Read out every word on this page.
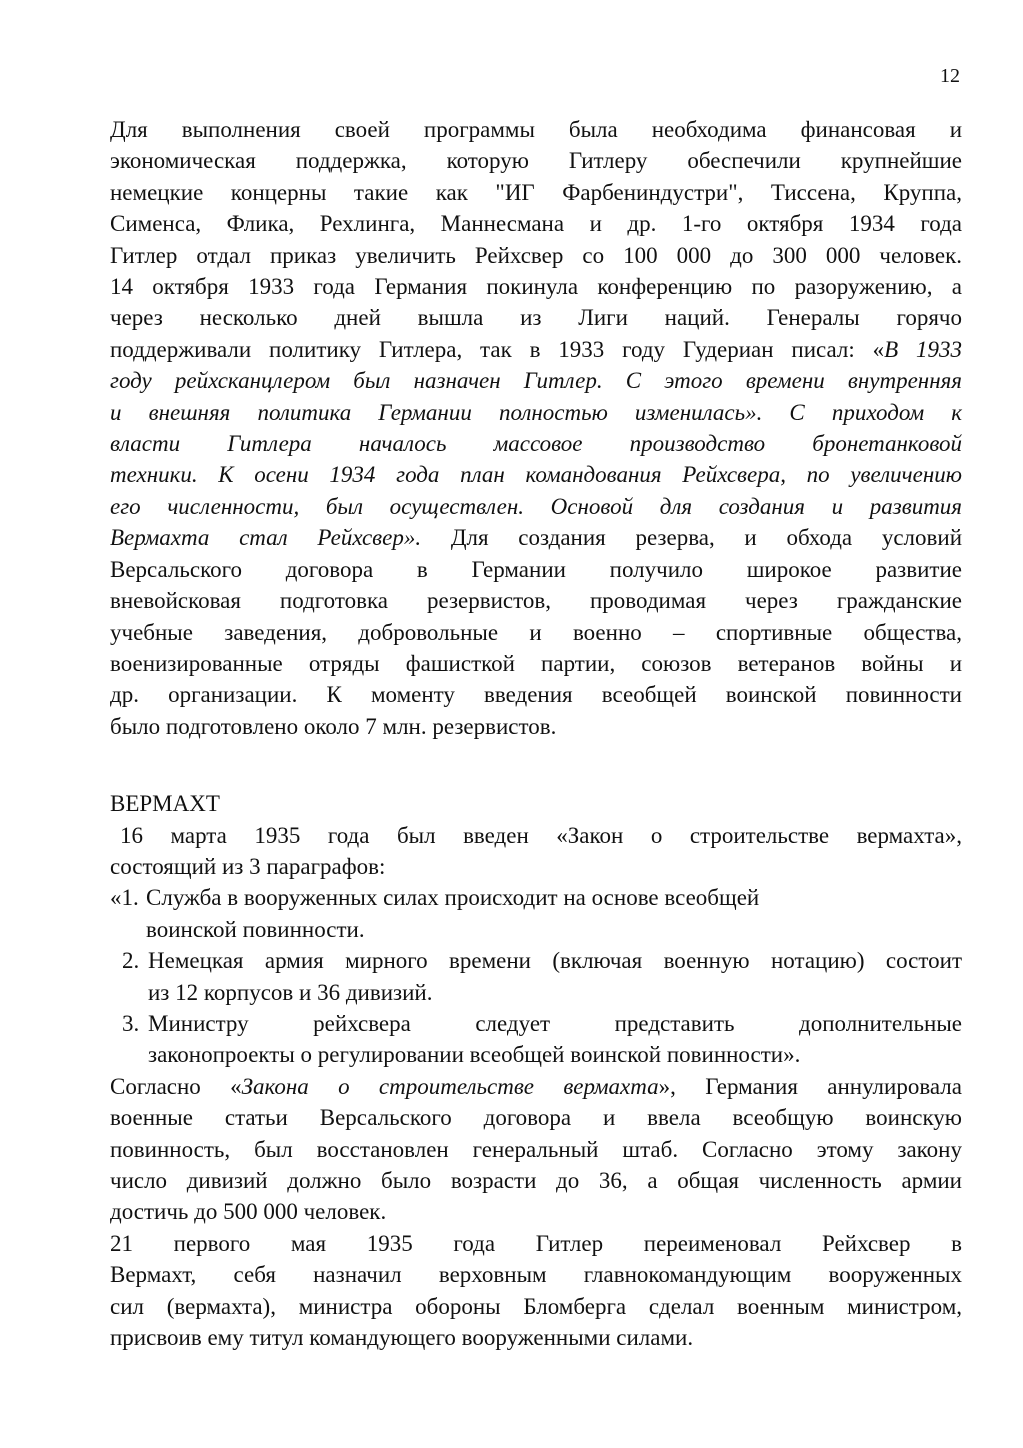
12

Для выполнения своей программы была необходима финансовая и
экономическая поддержка, которую Гитлеру обеспечили крупнейшие
немецкие концерны такие как "ИГ Фарбениндустри", Тиссена, Круппа,
Сименса, Флика, Рехлинга, Маннесмана и др. 1-го октября 1934 года
Гитлер отдал приказ увеличить Рейхсвер со 100 000 до 300 000 человек.
14 октября 1933 года Германия покинула конференцию по разоружению, а
через несколько дней вышла из Лиги наций. Генералы горячо
поддерживали политику Гитлера, так в 1933 году Гудериан писал: «В 1933
году рейхсканцлером был назначен Гитлер. С этого времени внутренняя
и внешняя политика Германии полностью изменилась». С приходом к
власти Гитлера началось массовое производство бронетанковой
техники. К осени 1934 года план командования Рейхсвера, по увеличению
его численности, был осуществлен. Основой для создания и развития
Вермахта стал Рейхсвер». Для создания резерва, и обхода условий
Версальского договора в Германии получило широкое развитие
вневойсковая подготовка резервистов, проводимая через гражданские
учебные заведения, добровольные и военно – спортивные общества,
военизированные отряды фашисткой партии, союзов ветеранов войны и
др. организации. К моменту введения всеобщей воинской повинности
было подготовлено около 7 млн. резервистов.

ВЕРМАХТ

16 марта 1935 года был введен «Закон о строительстве вермахта»,
состоящий из 3 параграфов:

«1. Служба в вооруженных силах происходит на основе всеобщей
воинской повинности.
2. Немецкая армия мирного времени (включая военную нотацию) состоит
из 12 корпусов и 36 дивизий.
3. Министру рейхсвера следует представить дополнительные
законопроекты о регулировании всеобщей воинской повинности».

Согласно «Закона о строительстве вермахта», Германия аннулировала
военные статьи Версальского договора и ввела всеобщую воинскую
повинность, был восстановлен генеральный штаб. Согласно этому закону
число дивизий должно было возрасти до 36, а общая численность армии
достичь до 500 000 человек.

21 первого мая 1935 года Гитлер переименовал Рейхсвер в
Вермахт, себя назначил верховным главнокомандующим вооруженных
сил (вермахта), министра обороны Бломберга сделал военным министром,
присвоив ему титул командующего вооруженными силами.
